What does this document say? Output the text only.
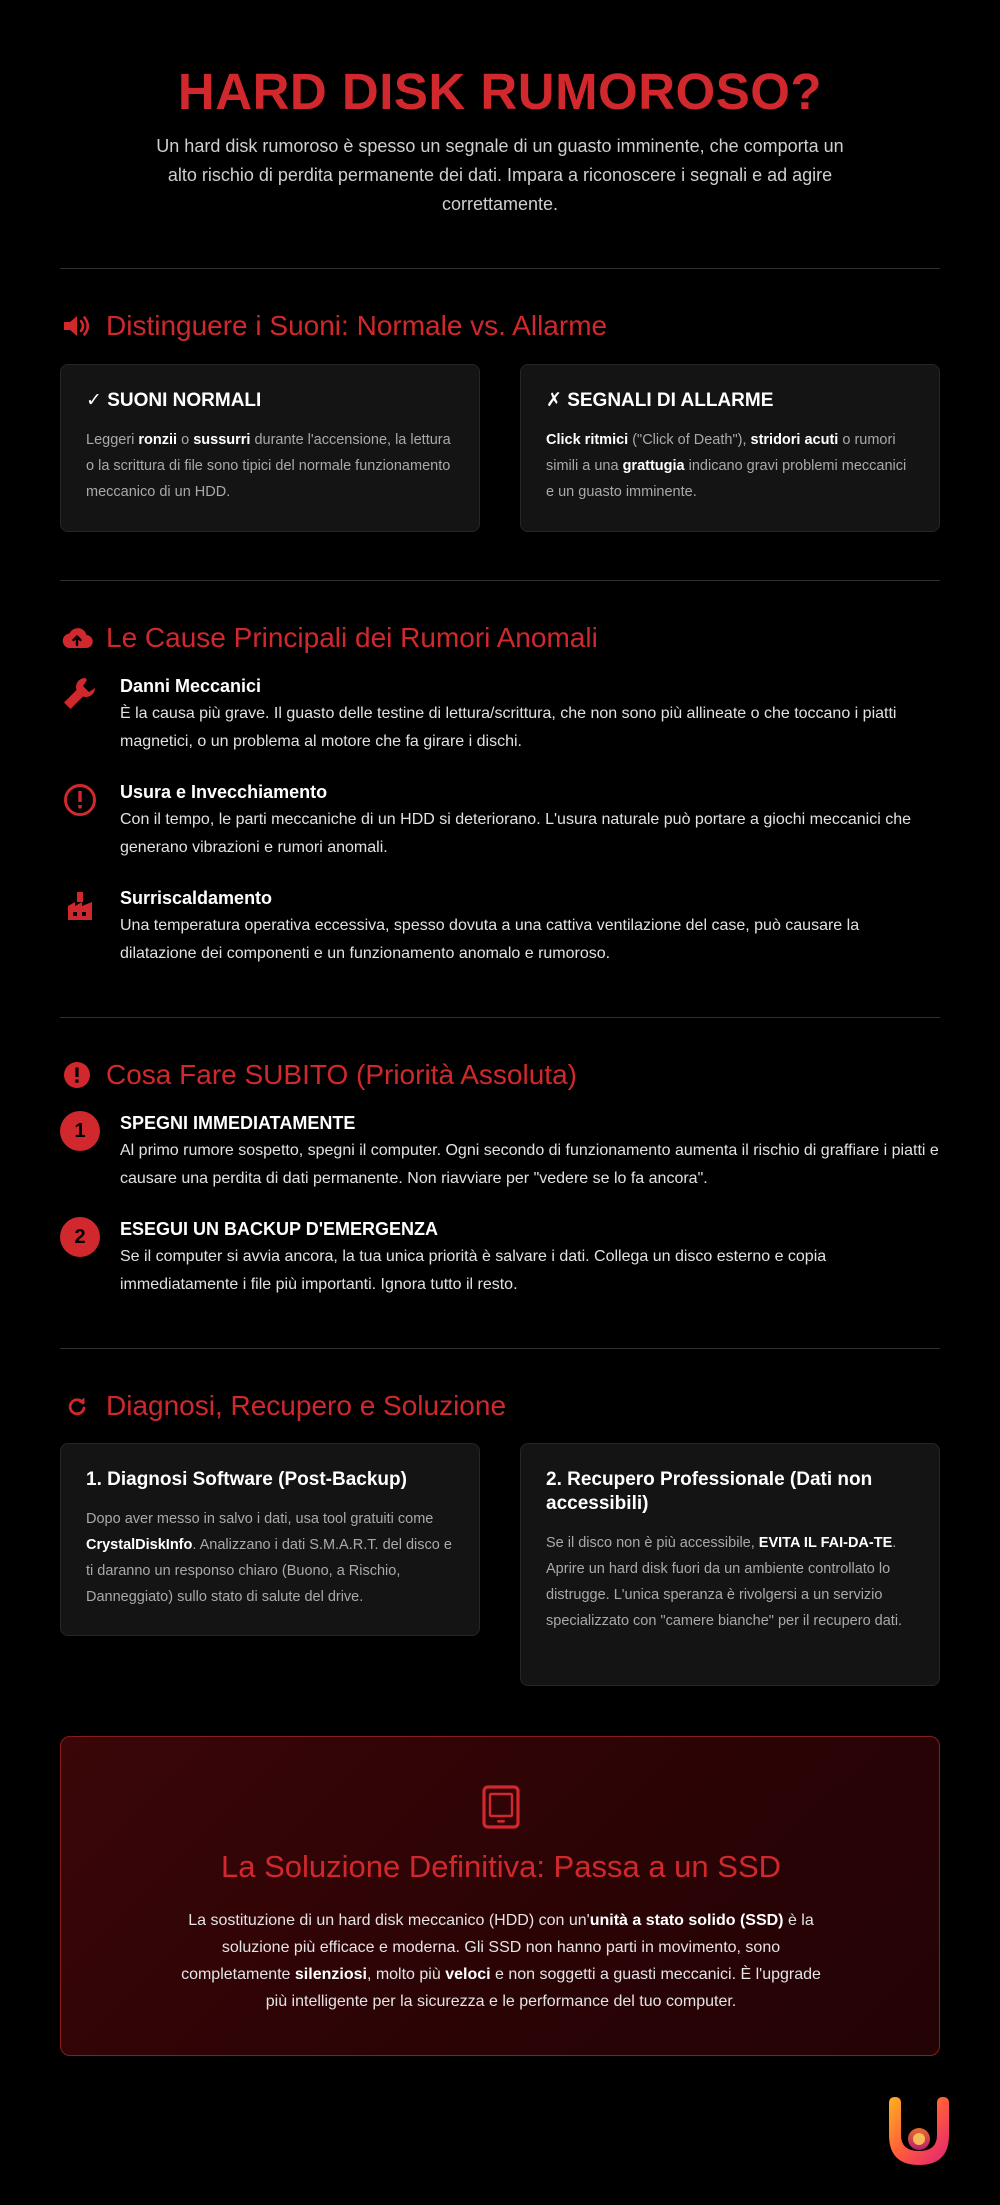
HARD DISK RUMOROSO?
Un hard disk rumoroso è spesso un segnale di un guasto imminente, che comporta un alto rischio di perdita permanente dei dati. Impara a riconoscere i segnali e ad agire correttamente.
Distinguere i Suoni: Normale vs. Allarme
✓ SUONI NORMALI

Leggeri ronzii o sussurri durante l'accensione, la lettura o la scrittura di file sono tipici del normale funzionamento meccanico di un HDD.

✗ SEGNALI DI ALLARME

Click ritmici ("Click of Death"), stridori acuti o rumori simili a una grattugia indicano gravi problemi meccanici e un guasto imminente.

Le Cause Principali dei Rumori Anomali
Danni Meccanici
È la causa più grave. Il guasto delle testine di lettura/scrittura, che non sono più allineate o che toccano i piatti magnetici, o un problema al motore che fa girare i dischi.
Usura e Invecchiamento
Con il tempo, le parti meccaniche di un HDD si deteriorano. L'usura naturale può portare a giochi meccanici che generano vibrazioni e rumori anomali.
Surriscaldamento
Una temperatura operativa eccessiva, spesso dovuta a una cattiva ventilazione del case, può causare la dilatazione dei componenti e un funzionamento anomalo e rumoroso.
Cosa Fare SUBITO (Priorità Assoluta)
1	SPEGNI IMMEDIATAMENTE
Al primo rumore sospetto, spegni il computer. Ogni secondo di funzionamento aumenta il rischio di graffiare i piatti e causare una perdita di dati permanente. Non riavviare per "vedere se lo fa ancora".
2	ESEGUI UN BACKUP D'EMERGENZA
Se il computer si avvia ancora, la tua unica priorità è salvare i dati. Collega un disco esterno e copia immediatamente i file più importanti. Ignora tutto il resto.
Diagnosi, Recupero e Soluzione
1. Diagnosi Software (Post-Backup)

Dopo aver messo in salvo i dati, usa tool gratuiti come CrystalDiskInfo. Analizzano i dati S.M.A.R.T. del disco e ti daranno un responso chiaro (Buono, a Rischio, Danneggiato) sullo stato di salute del drive.

2. Recupero Professionale (Dati non accessibili)

Se il disco non è più accessibile, EVITA IL FAI-DA-TE. Aprire un hard disk fuori da un ambiente controllato lo distrugge. L'unica speranza è rivolgersi a un servizio specializzato con "camere bianche" per il recupero dati.

La Soluzione Definitiva: Passa a un SSD
La sostituzione di un hard disk meccanico (HDD) con un'unità a stato solido (SSD) è la soluzione più efficace e moderna. Gli SSD non hanno parti in movimento, sono completamente silenziosi, molto più veloci e non soggetti a guasti meccanici. È l'upgrade più intelligente per la sicurezza e le performance del tuo computer.
